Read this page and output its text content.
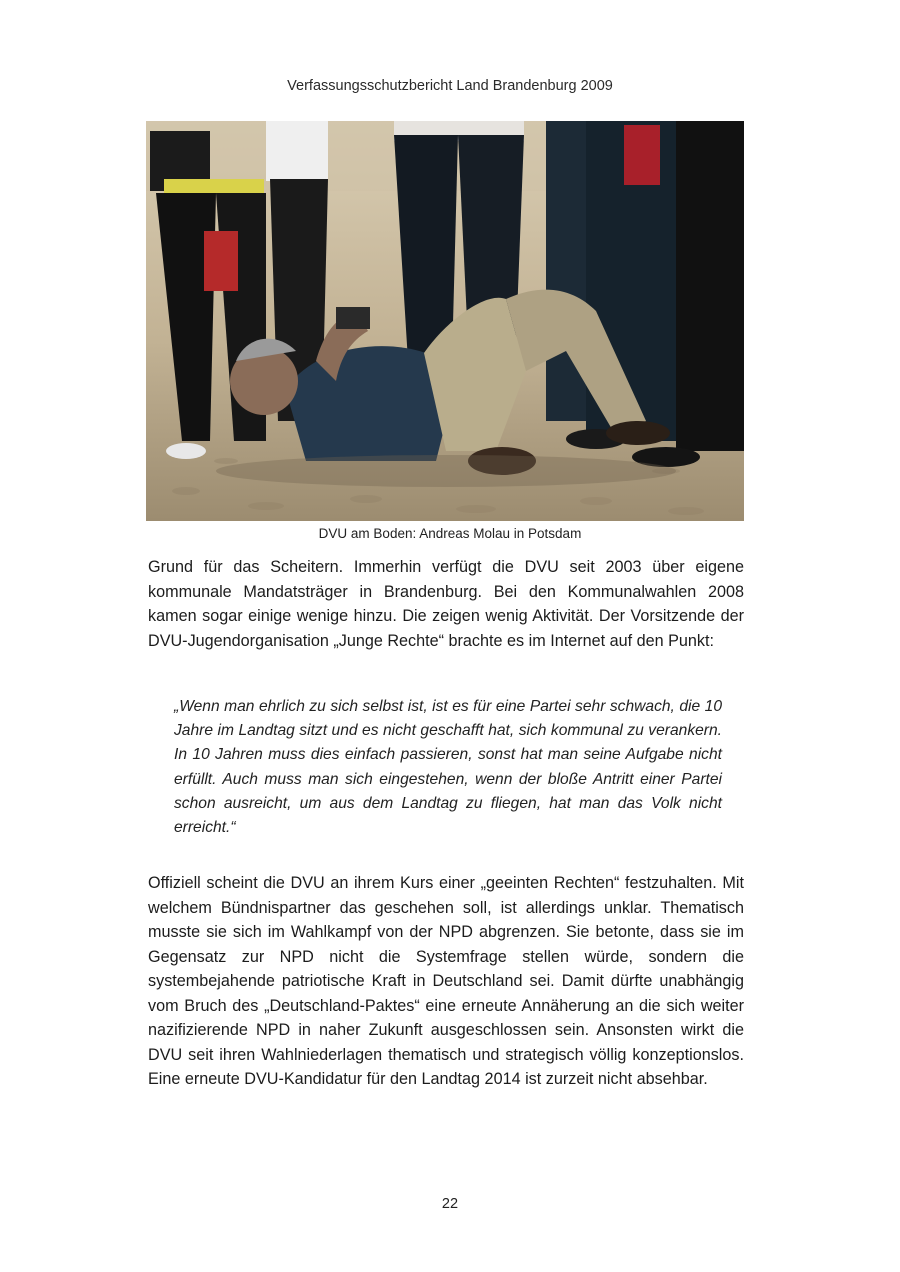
Verfassungsschutzbericht Land Brandenburg 2009
DVU am Boden: Andreas Molau in Potsdam
Grund für das Scheitern. Immerhin verfügt die DVU seit 2003 über eigene kommunale Mandatsträger in Brandenburg. Bei den Kommunalwahlen 2008 kamen sogar einige wenige hinzu. Die zeigen wenig Aktivität. Der Vorsitzende der DVU-Jugendorganisation „Junge Rechte“ brachte es im Internet auf den Punkt:
„Wenn man ehrlich zu sich selbst ist, ist es für eine Partei sehr schwach, die 10 Jahre im Landtag sitzt und es nicht geschafft hat, sich kommunal zu verankern. In 10 Jahren muss dies einfach passieren, sonst hat man seine Aufgabe nicht erfüllt. Auch muss man sich eingestehen, wenn der bloße Antritt einer Partei schon ausreicht, um aus dem Landtag zu fliegen, hat man das Volk nicht erreicht.“
Offiziell scheint die DVU an ihrem Kurs einer „geeinten Rechten“ festzuhalten. Mit welchem Bündnispartner das geschehen soll, ist allerdings unklar. Thematisch musste sie sich im Wahlkampf von der NPD abgrenzen. Sie betonte, dass sie im Gegensatz zur NPD nicht die Systemfrage stellen würde, sondern die systembejahende patriotische Kraft in Deutschland sei. Damit dürfte unabhängig vom Bruch des „Deutschland-Paktes“ eine erneute Annäherung an die sich weiter nazifizierende NPD in naher Zukunft ausgeschlossen sein. Ansonsten wirkt die DVU seit ihren Wahlniederlagen thematisch und strategisch völlig konzeptionslos. Eine erneute DVU-Kandidatur für den Landtag 2014 ist zurzeit nicht absehbar.
22
